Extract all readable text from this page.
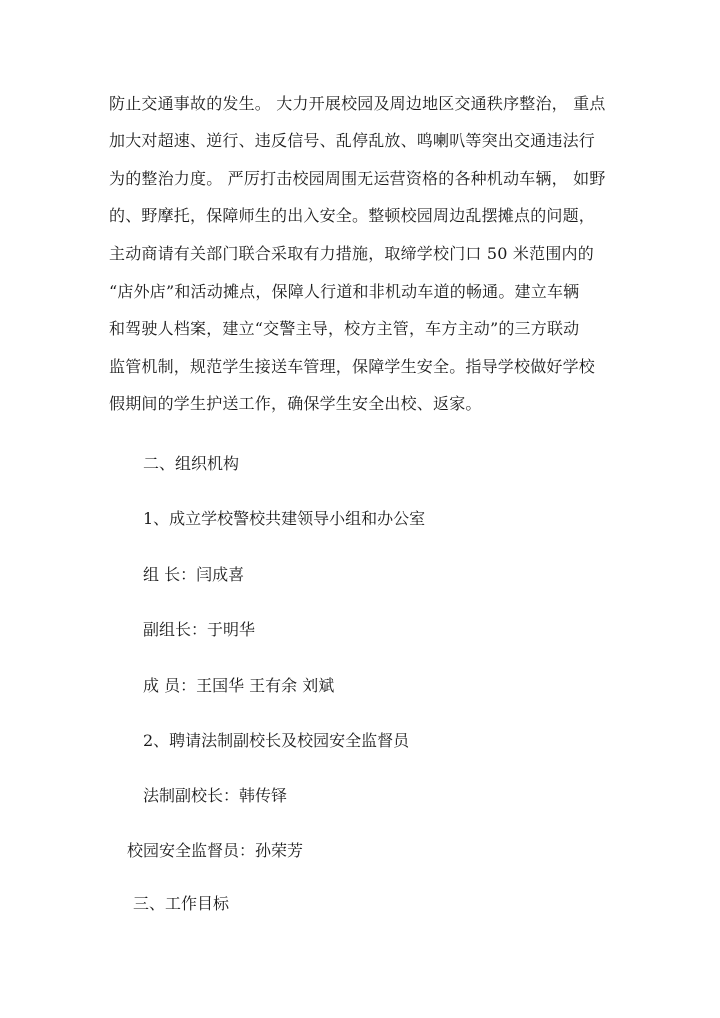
防止交通事故的发生。 大力开展校园及周边地区交通秩序整治， 重点
加大对超速、逆行、违反信号、乱停乱放、鸣喇叭等突出交通违法行
为的整治力度。 严厉打击校园周围无运营资格的各种机动车辆， 如野
的、野摩托，保障师生的出入安全。整顿校园周边乱摆摊点的问题，
主动商请有关部门联合采取有力措施，取缔学校门口 50 米范围内的
“店外店”和活动摊点，保障人行道和非机动车道的畅通。建立车辆
和驾驶人档案，建立“交警主导，校方主管，车方主动”的三方联动
监管机制，规范学生接送车管理，保障学生安全。指导学校做好学校
假期间的学生护送工作，确保学生安全出校、返家。
二、组织机构
1、成立学校警校共建领导小组和办公室
组 长：闫成喜
副组长：于明华
成 员：王国华 王有余 刘斌
2、聘请法制副校长及校园安全监督员
法制副校长：韩传铎
校园安全监督员：孙荣芳
三、工作目标
